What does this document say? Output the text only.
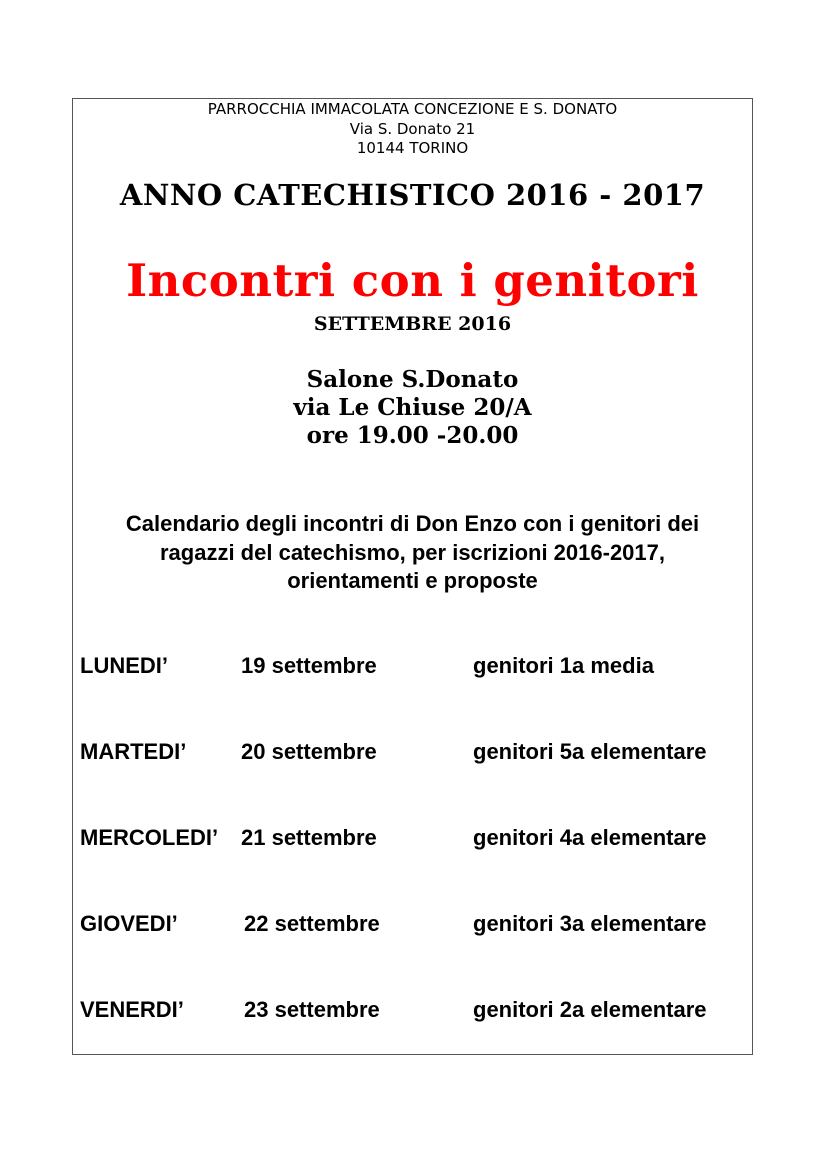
PARROCCHIA IMMACOLATA CONCEZIONE E S. DONATO
Via S. Donato 21
10144 TORINO
ANNO CATECHISTICO 2016 - 2017
Incontri con i genitori
SETTEMBRE 2016
Salone S.Donato
via Le Chiuse 20/A
ore 19.00 -20.00
Calendario degli incontri di Don Enzo con i genitori dei
ragazzi del catechismo, per iscrizioni 2016-2017,
orientamenti e proposte
LUNEDI’	19 settembre	genitori 1a media
MARTEDI’ 20 settembre	genitori 5a elementare
MERCOLEDI’ 21 settembre	genitori 4a elementare
GIOVEDI’	22 settembre	genitori 3a elementare
VENERDI’	23 settembre	genitori 2a elementare
